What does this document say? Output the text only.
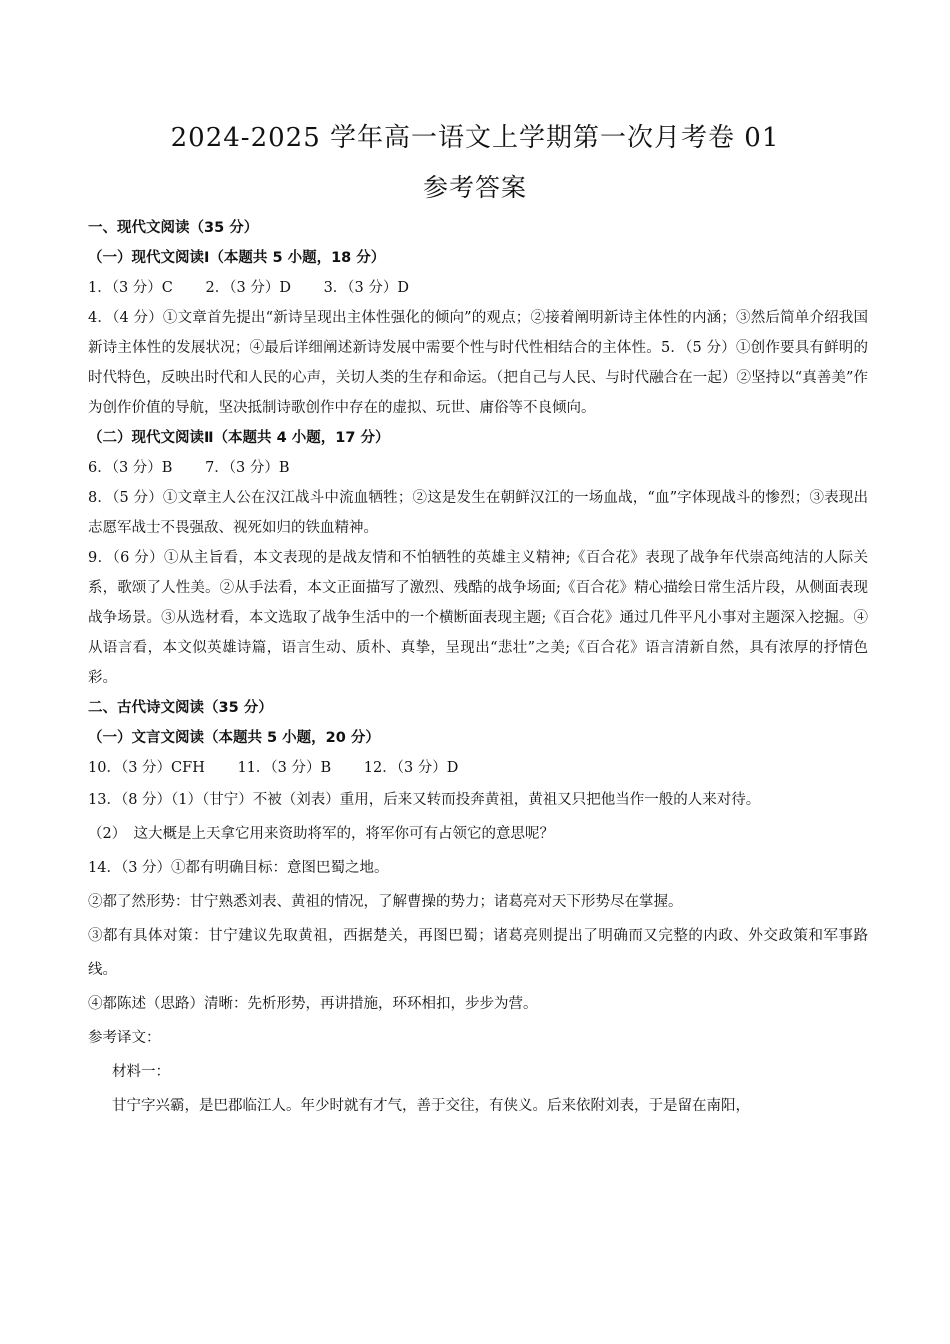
2024-2025 学年高一语文上学期第一次月考卷 01
参考答案
一、现代文阅读（35 分）
（一）现代文阅读Ⅰ（本题共 5 小题，18 分）
1．（3 分）C 2．（3 分）D 3．（3 分）D
4．（4 分）①文章首先提出“新诗呈现出主体性强化的倾向”的观点；②接着阐明新诗主体性的内涵；③然后简单介绍我国新诗主体性的发展状况；④最后详细阐述新诗发展中需要个性与时代性相结合的主体性。5．（5 分）①创作要具有鲜明的时代特色，反映出时代和人民的心声，关切人类的生存和命运。（把自己与人民、与时代融合在一起）②坚持以“真善美”作为创作价值的导航，坚决抵制诗歌创作中存在的虚拟、玩世、庸俗等不良倾向。
（二）现代文阅读Ⅱ（本题共 4 小题，17 分）
6．（3 分）B 7．（3 分）B
8．（5 分）①文章主人公在汉江战斗中流血牺牲；②这是发生在朝鲜汉江的一场血战，“血”字体现战斗的惨烈；③表现出志愿军战士不畏强敌、视死如归的铁血精神。
9．（6 分）①从主旨看，本文表现的是战友情和不怕牺牲的英雄主义精神;《百合花》表现了战争年代崇高纯洁的人际关系，歌颂了人性美。②从手法看，本文正面描写了激烈、残酷的战争场面;《百合花》精心描绘日常生活片段，从侧面表现战争场景。③从选材看，本文选取了战争生活中的一个横断面表现主题;《百合花》通过几件平凡小事对主题深入挖掘。④从语言看，本文似英雄诗篇，语言生动、质朴、真挚，呈现出“悲壮”之美;《百合花》语言清新自然，具有浓厚的抒情色彩。
二、古代诗文阅读（35 分）
（一）文言文阅读（本题共 5 小题，20 分）
10．（3 分）CFH 11．（3 分）B 12．（3 分）D
13．（8 分）（1）（甘宁）不被（刘表）重用，后来又转而投奔黄祖，黄祖又只把他当作一般的人来对待。
（2）　这大概是上天拿它用来资助将军的，将军你可有占领它的意思呢？
14．（3 分）①都有明确目标：意图巴蜀之地。
②都了然形势：甘宁熟悉刘表、黄祖的情况，了解曹操的势力；诸葛亮对天下形势尽在掌握。
③都有具体对策：甘宁建议先取黄祖，西据楚关，再图巴蜀；诸葛亮则提出了明确而又完整的内政、外交政策和军事路线。
④都陈述（思路）清晰：先析形势，再讲措施，环环相扣，步步为营。
参考译文：
材料一：
甘宁字兴霸，是巴郡临江人。年少时就有才气，善于交往，有侠义。后来依附刘表，于是留在南阳，
